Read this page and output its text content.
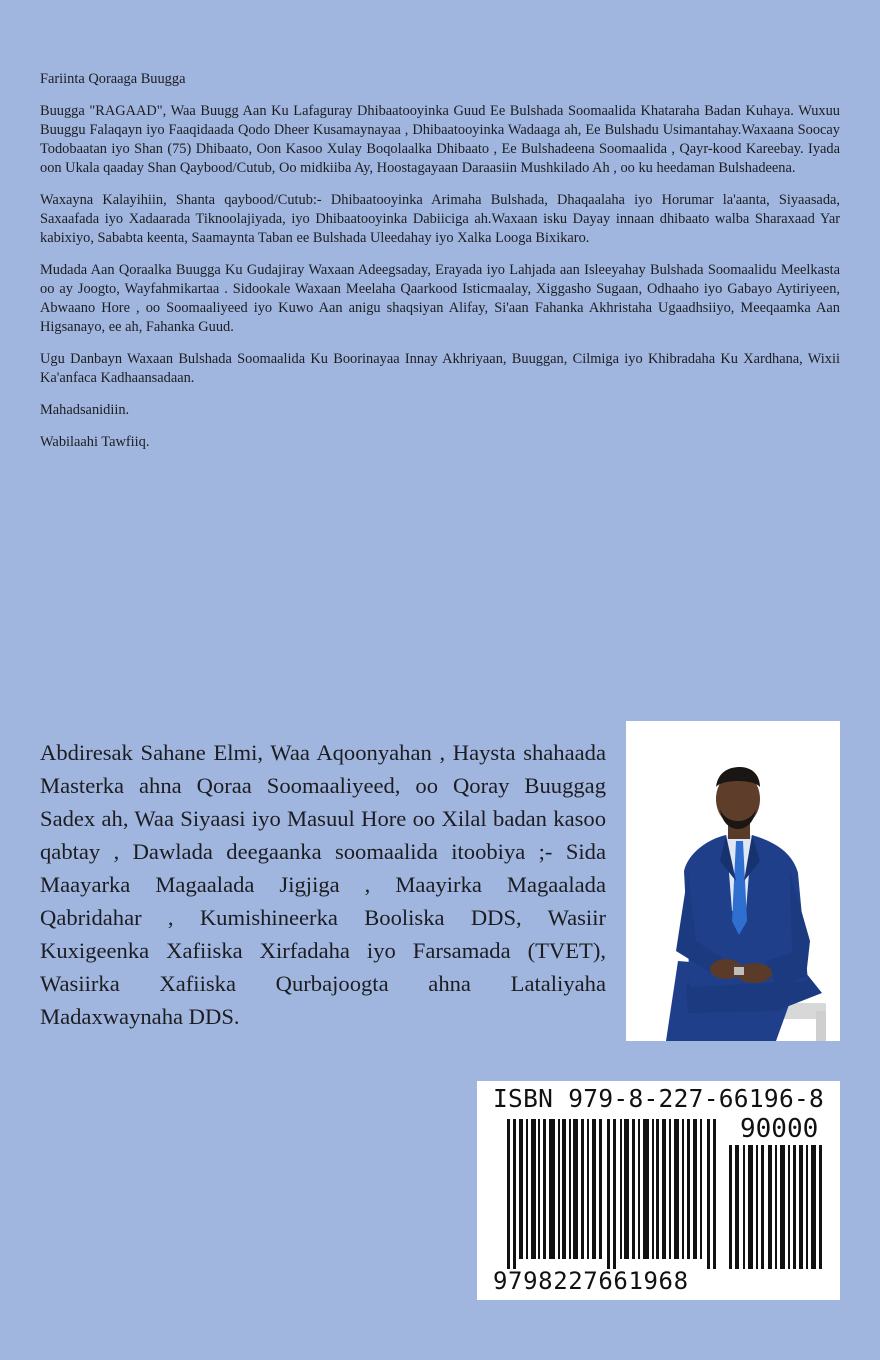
Fariinta Qoraaga Buugga

Buugga "RAGAAD", Waa Buugg Aan Ku Lafaguray Dhibaatooyinka Guud Ee Bulshada Soomaalida Khataraha Badan Kuhaya. Wuxuu Buuggu Falaqayn iyo Faaqidaada Qodo Dheer Kusamaynayaa , Dhibaatooyinka Wadaaga ah, Ee Bulshadu Usimantahay.Waxaana Soocay Todobaatan iyo Shan (75) Dhibaato, Oon Kasoo Xulay Boqolaalka Dhibaato , Ee Bulshadeena Soomaalida , Qayr-kood Kareebay. Iyada oon Ukala qaaday Shan Qaybood/Cutub, Oo midkiiba Ay, Hoostagayaan Daraasiin Mushkilado Ah , oo ku heedaman Bulshadeena.

Waxayna Kalayihiin, Shanta qaybood/Cutub:- Dhibaatooyinka Arimaha Bulshada, Dhaqaalaha iyo Horumar la'aanta, Siyaasada, Saxaafada iyo Xadaarada Tiknoolajiyada, iyo Dhibaatooyinka Dabiiciga ah.Waxaan isku Dayay innaan dhibaato walba Sharaxaad Yar kabixiyo, Sababta keenta, Saamaynta Taban ee Bulshada Uleedahay iyo Xalka Looga Bixikaro.

Mudada Aan Qoraalka Buugga Ku Gudajiray Waxaan Adeegsaday, Erayada iyo Lahjada aan Isleeyahay Bulshada Soomaalidu Meelkasta oo ay Joogto, Wayfahmikartaa . Sidookale Waxaan Meelaha Qaarkood Isticmaalay, Xiggasho Sugaan, Odhaaho iyo Gabayo Aytiriyeen, Abwaano Hore , oo Soomaaliyeed iyo Kuwo Aan anigu shaqsiyan Alifay, Si'aan Fahanka Akhristaha Ugaadhsiiyo, Meeqaamka Aan Higsanayo, ee ah, Fahanka Guud.

Ugu Danbayn Waxaan Bulshada Soomaalida Ku Boorinayaa Innay Akhriyaan, Buuggan, Cilmiga iyo Khibradaha Ku Xardhana, Wixii Ka'anfaca Kadhaansadaan.

Mahadsanidiin.

Wabilaahi Tawfiiq.

Abdiresak Sahane Elmi, Waa Aqoonyahan , Haysta shahaada Masterka ahna Qoraa Soomaaliyeed, oo Qoray Buuggag Sadex ah, Waa Siyaasi iyo Masuul Hore oo Xilal badan kasoo qabtay , Dawlada deegaanka soomaalida itoobiya ;- Sida Maayarka Magaalada Jigjiga , Maayirka Magaalada Qabridahar , Kumishineerka Booliska DDS, Wasiir Kuxigeenka Xafiiska Xirfadaha iyo Farsamada (TVET), Wasiirka Xafiiska Qurbajoogta ahna Lataliyaha Madaxwaynaha DDS.

ISBN 979-8-227-66196-8
90000
9798227661968
